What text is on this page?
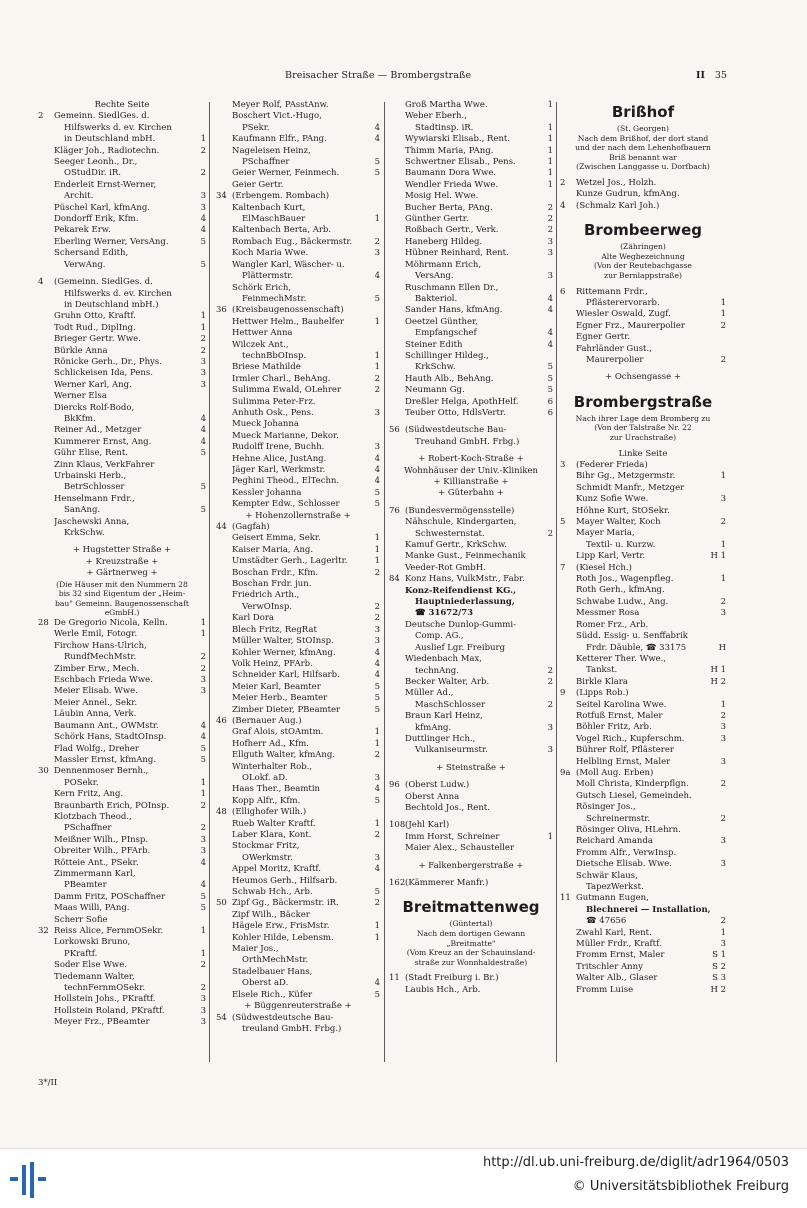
Breisacher Straße — Brombergstraße	II 35
Rechte Seite
2	Gemeinn. SiedlGes. d.
Hilfswerks d. ev. Kirchen
in Deutschland mbH.	1
Kläger Joh., Radiotechn.	2
Seeger Leonh., Dr.,
OStudDir. iR.	2
Enderleit Ernst-Werner,
Archit.	3
Püschel Karl, kfmAng.	3
Dondorff Erik, Kfm.	4
Pekarek Erw.	4
Eberling Werner, VersAng.	5
Schersand Edith,
VerwAng.	5
4	(Gemeinn. SiedlGes. d.
Hilfswerks d. ev. Kirchen
in Deutschland mbH.)
Gruhn Otto, Kraftf.	1
Todt Rud., DiplIng.	1
Brieger Gertr. Wwe.	2
Bürkle Anna	2
Rönicke Gerh., Dr., Phys.	3
Schlickeisen Ida, Pens.	3
Werner Karl, Ang.	3
Werner Elsa
Diercks Rolf-Bodo,
BkKfm.	4
Reiner Ad., Metzger	4
Kummerer Ernst, Ang.	4
Gühr Elise, Rent.	5
Zinn Klaus, VerkFahrer
Urbainski Herb.,
BetrSchlosser	5
Henselmann Frdr.,
SanAng.	5
Jaschewski Anna,
KrkSchw.
+ Hugstetter Straße +
+ Kreuzstraße +
+ Gärtnerweg +
(Die Häuser mit den Nummern 28
bis 32 sind Eigentum der „Heim-
bau" Gemeinn. Baugenossenschaft
eGmbH.)
28 De Gregorio Nicola, Kelln.	1
Werle Emil, Fotogr.	1
Firchow Hans-Ulrich,
RundfMechMstr.	2
Zimber Erw., Mech.	2
Eschbach Frieda Wwe.	3
Meier Elisab. Wwe.	3
Meier Annel., Sekr.
Läubin Anna, Verk.
Baumann Ant., OWMstr.	4
Schörk Hans, StadtOInsp.	4
Flad Wolfg., Dreher	5
Massler Ernst, kfmAng.	5
30 Dennenmoser Bernh.,
POSekr.	1
Kern Fritz, Ang.	1
Braunbarth Erich, POInsp.	2
Klotzbach Theod.,
PSchaffner	2
Meißner Wilh., PInsp.	3
Obreiter Wilh., PFArb.	3
Rötteie Ant., PSekr.	4
Zimmermann Karl,
PBeamter	4
Damm Fritz, POSchaffner	5
Maas Willi, PAng.	5
Scherr Sofie
32 Reiss Alice, FernmOSekr.	1
Lorkowski Bruno,
PKraftf.	1
Soder Else Wwe.	2
Tiedemann Walter,
technFernmOSekr.	2
Hollstein Johs., PKraftf.	3
Hollstein Roland, PKraftf.	3
Meyer Frz., PBeamter	3
Meyer Rolf, PAsstAnw.
Boschert Vict.-Hugo,
PSekr.	4
Kaufmann Elfr., PAng.	4
Nageleisen Heinz,
PSchaffner	5
Geier Werner, Feinmech.	5
Geier Gertr.
34 (Erbengem. Rombach)
Kaltenbach Kurt,
ElMaschBauer	1
Kaltenbach Berta, Arb.
Rombach Eug., Bäckermstr.	2
Koch Maria Wwe.	3
Wangler Karl, Wäscher- u.
Plättermstr.	4
Schörk Erich,
FeinmechMstr.	5
36 (Kreisbaugenossenschaft)
Hettwer Helm., Bauhelfer	1
Hettwer Anna
Wilczek Ant.,
technBbOInsp.	1
Briese Mathilde	1
Irmler Charl., BehAng.	2
Sulimma Ewald, OLehrer	2
Sulimma Peter-Frz.
Anhuth Osk., Pens.	3
Mueck Johanna
Mueck Marianne, Dekor.
Rudolff Irene, Buchh.	3
Hehne Alice, JustAng.	4
Jäger Karl, Werkmstr.	4
Peghini Theod., ElTechn.	4
Kessler Johanna	5
Kempter Edw., Schlosser	5
+ Hohenzollernstraße +
44 (Gagfah)
Geisert Emma, Sekr.	1
Kaiser Maria, Ang.	1
Umstädter Gerh., Lagerltr.	1
Boschan Frdr., Kfm.	2
Boschan Frdr. jun.
Friedrich Arth.,
VerwOInsp.	2
Karl Dora	2
Blech Fritz, RegRat	3
Müller Walter, StOInsp.	3
Kohler Werner, kfmAng.	4
Volk Heinz, PFArb.	4
Schneider Karl, Hilfsarb.	4
Meier Karl, Beamter	5
Meier Herb., Beamter	5
Zimber Dieter, PBeamter	5
46 (Bernauer Aug.)
Graf Alois, stOAmtm.	1
Hofherr Ad., Kfm.	1
Ellguth Walter, kfmAng.	2
Winterhalter Rob.,
OLokf. aD.	3
Haas Ther., Beamtin	4
Kopp Alfr., Kfm.	5
48 (Ellighofer Wilh.)
Rueb Walter Kraftf.	1
Laber Klara, Kont.	2
Stockmar Fritz,
OWerkmstr.	3
Appel Moritz, Kraftf.	4
Heumos Gerh., Hilfsarb.
Schwab Hch., Arb.	5
50 Zipf Gg., Bäckermstr. iR.	2
Zipf Wilh., Bäcker
Hägele Erw., FrisMstr.	1
Kohler Hilde, Lebensm.	1
Maier Jos.,
OrthMechMstr.
Stadelbauer Hans,
Oberst aD.	4
Elsele Rich., Küfer	5
+ Büggenreuterstraße +
54 (Südwestdeutsche Bau-
treuland GmbH. Frbg.)
Groß Martha Wwe.	1
Weber Eberh.,
Stadtinsp. iR.	1
Wywiarski Elisab., Rent.	1
Thimm Maria, PAng.	1
Schwertner Elisab., Pens.	1
Baumann Dora Wwe.	1
Wendler Frieda Wwe.	1
Mosig Hel. Wwe.
Bucher Berta, PAng.	2
Günther Gertr.	2
Roßbach Gertr., Verk.	2
Haneberg Hildeg.	3
Hübner Reinhard, Rent.	3
Möhrmann Erich,
VersAng.	3
Ruschmann Ellen Dr.,
Bakteriol.	4
Sander Hans, kfmAng.	4
Oeetzel Günther,
Empfangschef	4
Steiner Edith	4
Schillinger Hildeg.,
KrkSchw.	5
Hauth Alb., BehAng.	5
Neumann Gg.	5
Dreßler Helga, ApothHelf.	6
Teuber Otto, HdlsVertr.	6
56 (Südwestdeutsche Bau-
Treuhand GmbH. Frbg.)
+ Robert-Koch-Straße +
Wohnhäuser der Univ.-Kliniken
+ Killianstraße +
+ Güterbahn +
76 (Bundesvermögensstelle)
Nähschule, Kindergarten,
Schwesternstat.	2
Kamuf Gertr., KrkSchw.
Manke Gust., Feinmechanik
Veeder-Rot GmbH.
84 Konz Hans, VulkMstr., Fabr.
Konz-Reifendienst KG.,
Hauptniederlassung,
☎ 31672/73
Deutsche Dunlop-Gummi-
Comp. AG.,
Auslief Lgr. Freiburg
Wiedenbach Max,
technAng.	2
Becker Walter, Arb.	2
Müller Ad.,
MaschSchlosser	2
Braun Karl Heinz,
kfmAng.	3
Duttlinger Hch.,
Vulkaniseurmstr.	3
+ Steinstraße +
96 (Oberst Ludw.)
Oberst Anna
Bechtold Jos., Rent.
108 (Jehl Karl)
Imm Horst, Schreiner	1
Maier Alex., Schausteller
+ Falkenbergerstraße +
162 (Kämmerer Manfr.)
Breitmattenweg
(Güntertal)
Nach dem dortigen Gewann
„Breitmatte"
(Vom Kreuz an der Schauinsland-
straße zur Wonnhaldestraße)
11 (Stadt Freiburg i. Br.)
Laubis Hch., Arb.
Brißhof
(St. Georgen)
Nach dem Brißhof, der dort stand
und der nach dem Lehenhofbauern
Briß benannt war
(Zwischen Langgasse u. Dorfbach)
2	Wetzel Jos., Holzh.
Kunze Gudrun, kfmAng.
4	(Schmalz Karl Joh.)
Brombeerweg
(Zähringen)
Alte Wegbezeichnung
(Von der Reutebachgasse
zur Bernlappstraße)
6	Rittemann Frdr.,
Pflästerervorarb.	1
Wiesler Oswald, Zugf.	1
Egner Frz., Maurerpolier	2
Egner Gertr.
Fahrländer Gust.,
Maurerpolier	2
+ Ochsengasse +
Brombergstraße
Nach ihrer Lage dem Bromberg zu
(Von der Talstraße Nr. 22
zur Urachstraße)
Linke Seite
3	(Federer Frieda)
Bihr Gg., Metzgermstr.	1
Schmidt Manfr., Metzger
Kunz Sofie Wwe.	3
Höhne Kurt, StOSekr.
5	Mayer Walter, Koch	2
Mayer Maria,
Textil- u. Kurzw.	1
Lipp Karl, Vertr.	H 1
7	(Kiesel Hch.)
Roth Jos., Wagenpfleg.	1
Roth Gerh., kfmAng.
Schwabe Ludw., Ang.	2
Messmer Rosa	3
Romer Frz., Arb.
Südd. Essig- u. Senffabrik
Frdr. Däuble, ☎ 33175	H
Ketterer Ther. Wwe.,
Tankst.	H 1
Birkle Klara	H 2
9	(Lipps Rob.)
Seitel Karolina Wwe.	1
Rotfuß Ernst, Maler	2
Böhler Fritz, Arb.	3
Vogel Rich., Kupferschm.	3
Bührer Rolf, Pflästerer
Helbling Ernst, Maler	3
9a (Moll Aug. Erben)
Moll Christa, Kinderpflgn.	2
Gutsch Liesel, Gemeindeh.
Rösinger Jos.,
Schreinermstr.	2
Rösinger Oliva, HLehrn.
Reichard Amanda	3
Fromm Alfr., VerwInsp.
Dietsche Elisab. Wwe.	3
Schwär Klaus,
TapezWerkst.
11 Gutmann Eugen,
Blechnerei — Installation,
☎ 47656	2
Zwahl Karl, Rent.	1
Müller Frdr., Kraftf.	3
Fromm Ernst, Maler	S 1
Tritschler Anny	S 2
Walter Alb., Glaser	S 3
Fromm Luise	H 2
3*/II
http://dl.ub.uni-freiburg.de/diglit/adr1964/0503
© Universitätsbibliothek Freiburg
